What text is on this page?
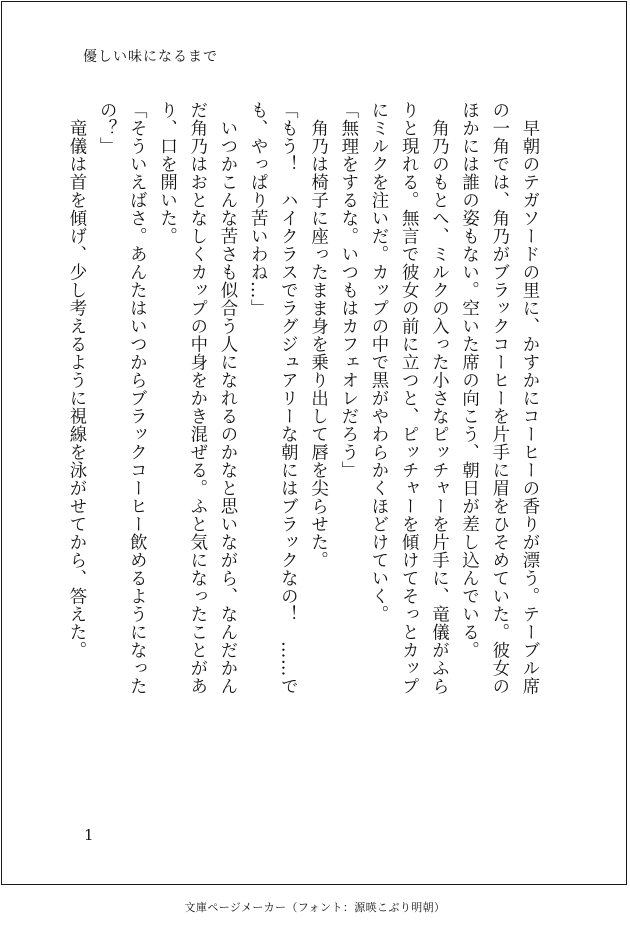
優しい味になるまで

　早朝のテガソードの里に、かすかにコーヒーの香りが漂う。テーブル席の一角では、角乃がブラックコーヒーを片手に眉をひそめていた。彼女のほかには誰の姿もない。空いた席の向こう、朝日が差し込んでいる。

　角乃のもとへ、ミルクの入った小さなピッチャーを片手に、竜儀がふらりと現れる。無言で彼女の前に立つと、ピッチャーを傾けてそっとカップにミルクを注いだ。カップの中で黒がやわらかくほどけていく。

「無理をするな。いつもはカフェオレだろう」

　角乃は椅子に座ったまま身を乗り出して唇を尖らせた。

「もう！　ハイクラスでラグジュアリーな朝にはブラックなの！　……でも、やっぱり苦いわね…」

　いつかこんな苦さも似合う人になれるのかなと思いながら、なんだかんだ角乃はおとなしくカップの中身をかき混ぜる。ふと気になったことがあり、口を開いた。

「そういえばさ。あんたはいつからブラックコーヒー飲めるようになったの？」

　竜儀は首を傾げ、少し考えるように視線を泳がせてから、答えた。

1
文庫ページメーカー（フォント：源暎こぶり明朝）
